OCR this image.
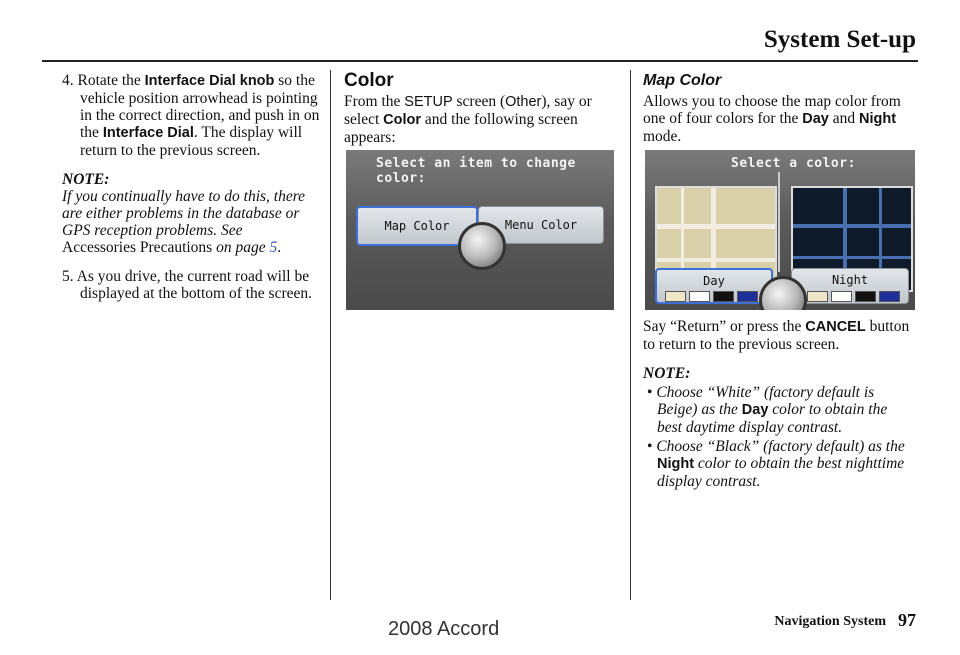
System Set-up

4. Rotate the Interface Dial knob so the vehicle position arrowhead is pointing in the correct direction, and push in on the Interface Dial. The display will return to the previous screen.

NOTE:
If you continually have to do this, there are either problems in the database or GPS reception problems. See Accessories Precautions on page 5.

5. As you drive, the current road will be displayed at the bottom of the screen.

Color

From the SETUP screen (Other), say or select Color and the following screen appears:

Select an item to change color:
Map Color	Menu Color
Map Color

Allows you to choose the map color from one of four colors for the Day and Night mode.

Select a color:
Day	Night

Say “Return” or press the CANCEL button to return to the previous screen.

NOTE:

• Choose “White” (factory default is Beige) as the Day color to obtain the best daytime display contrast.
• Choose “Black” (factory default) as the Night color to obtain the best nighttime display contrast.
Navigation System 97
2008 Accord
